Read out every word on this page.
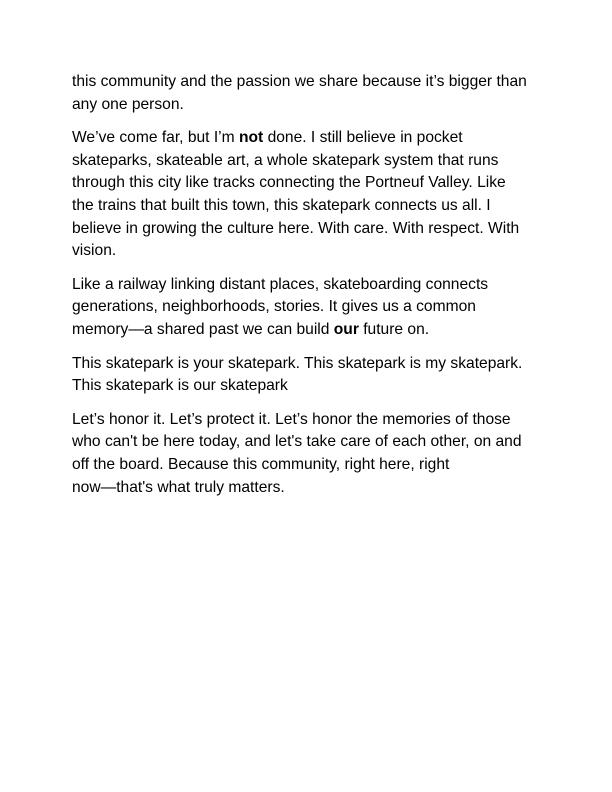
this community and the passion we share because it’s bigger than
any one person.

We’ve come far, but I’m not done. I still believe in pocket
skateparks, skateable art, a whole skatepark system that runs
through this city like tracks connecting the Portneuf Valley. Like
the trains that built this town, this skatepark connects us all. I
believe in growing the culture here. With care. With respect. With
vision.

Like a railway linking distant places, skateboarding connects
generations, neighborhoods, stories. It gives us a common
memory—a shared past we can build our future on.

This skatepark is your skatepark. This skatepark is my skatepark.
This skatepark is our skatepark

Let’s honor it. Let’s protect it. Let’s honor the memories of those
who can't be here today, and let's take care of each other, on and
off the board. Because this community, right here, right
now—that's what truly matters.
